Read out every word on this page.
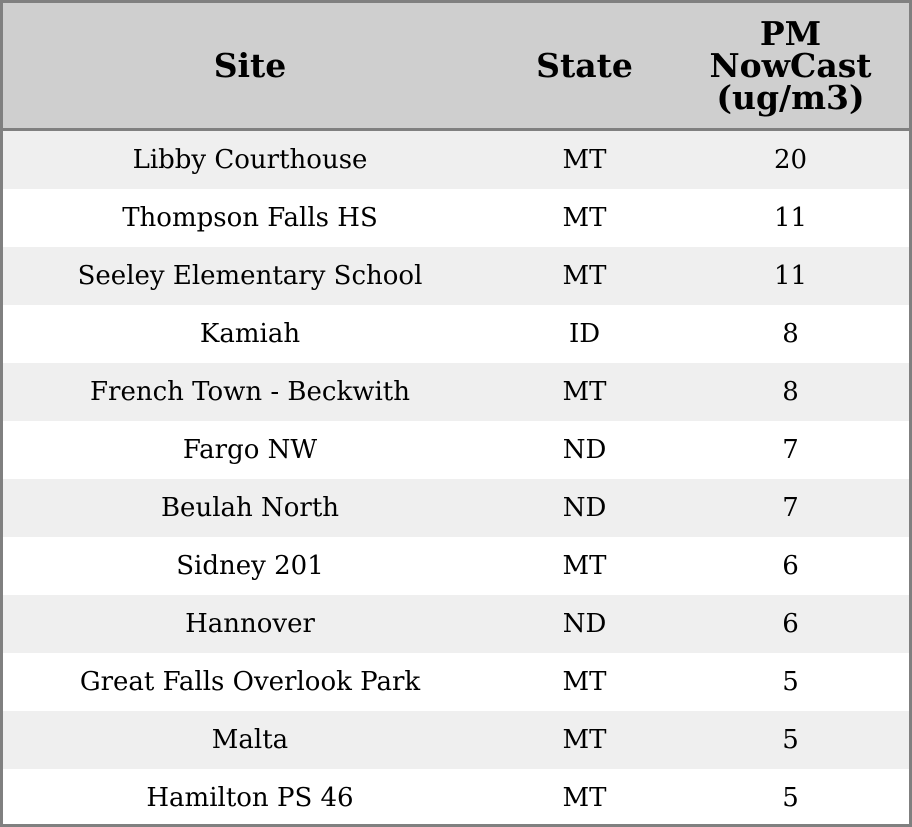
Site	State	PM
NowCast
(ug/m3)

Libby Courthouse	MT	20
Thompson Falls HS	MT	11
Seeley Elementary School	MT	11
Kamiah	ID	8
French Town - Beckwith	MT	8
Fargo NW	ND	7
Beulah North	ND	7
Sidney 201	MT	6
Hannover	ND	6
Great Falls Overlook Park	MT	5
Malta	MT	5
Hamilton PS 46	MT	5
